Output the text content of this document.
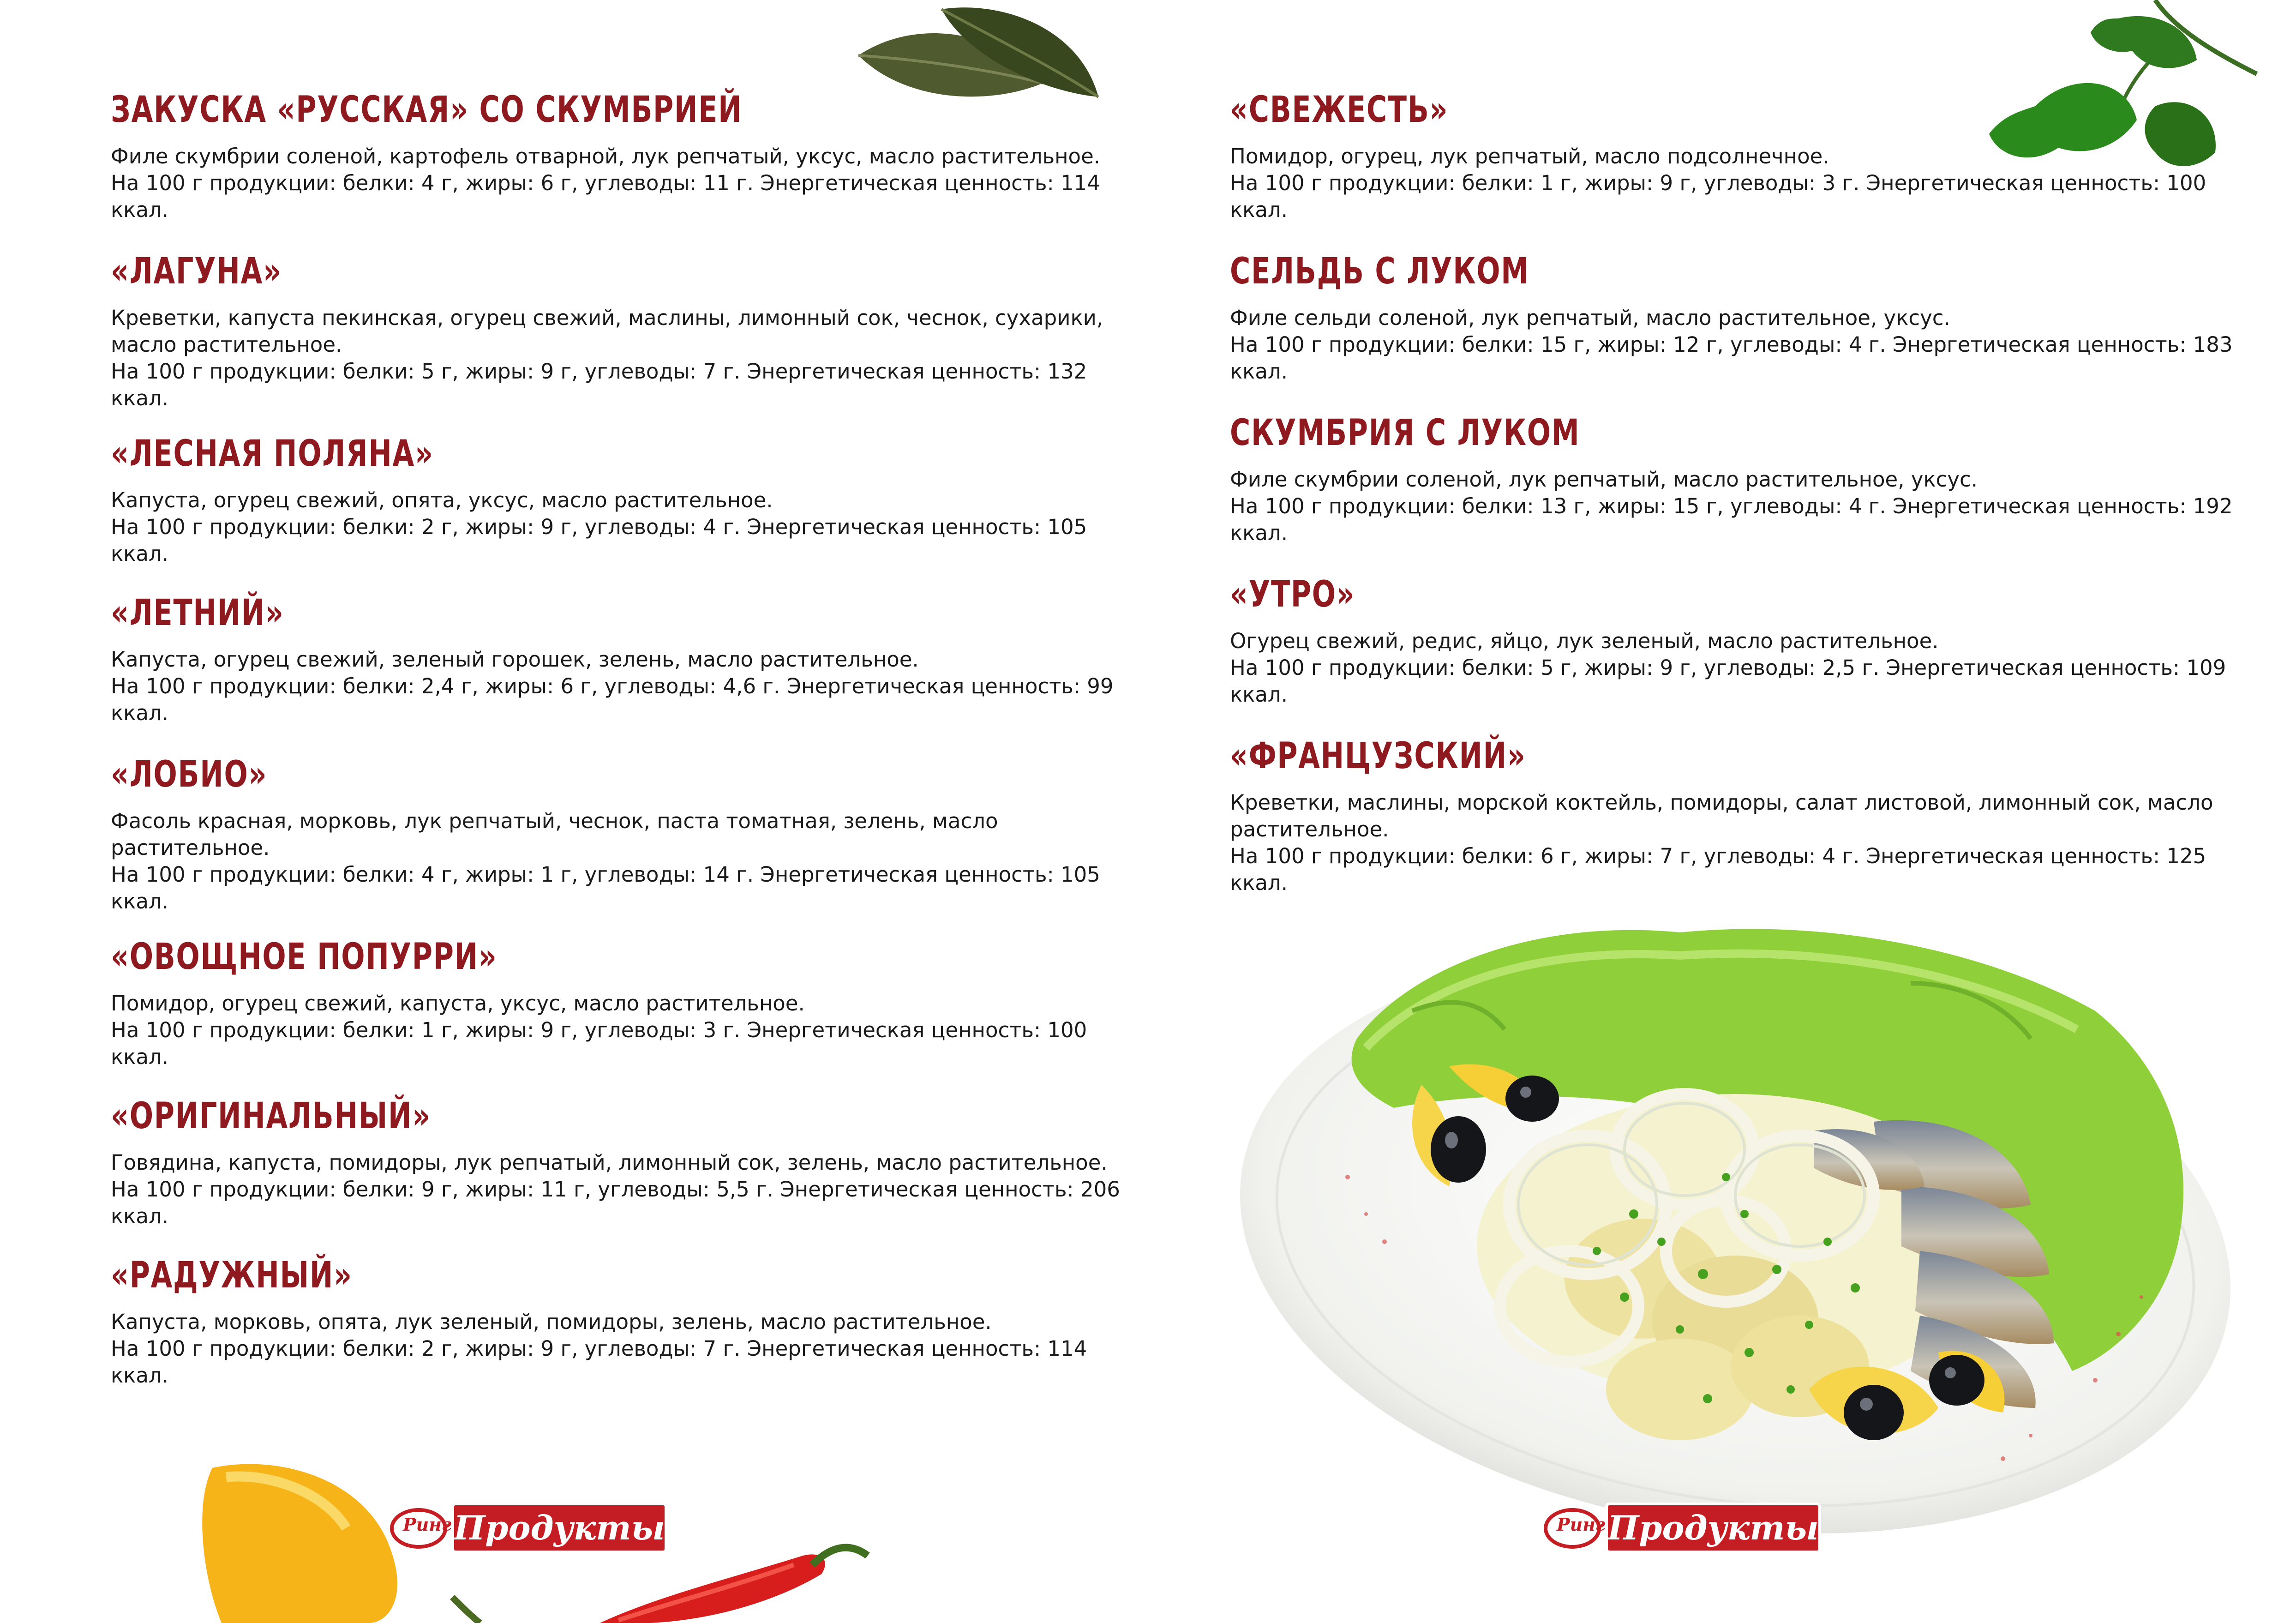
ЗАКУСКА «РУССКАЯ» СО СКУМБРИЕЙ
Филе скумбрии соленой, картофель отварной, лук репчатый, уксус, масло растительное.
На 100 г продукции: белки: 4 г, жиры: 6 г, углеводы: 11 г. Энергетическая ценность: 114 ккал.
«ЛАГУНА»
Креветки, капуста пекинская, огурец свежий, маслины, лимонный сок, чеснок, сухарики, масло растительное.
На 100 г продукции: белки: 5 г, жиры: 9 г, углеводы: 7 г. Энергетическая ценность: 132 ккал.
«ЛЕСНАЯ ПОЛЯНА»
Капуста, огурец свежий, опята, уксус, масло растительное.
На 100 г продукции: белки: 2 г, жиры: 9 г, углеводы: 4 г. Энергетическая ценность: 105 ккал.
«ЛЕТНИЙ»
Капуста, огурец свежий, зеленый горошек, зелень, масло растительное.
На 100 г продукции: белки: 2,4 г, жиры: 6 г, углеводы: 4,6 г. Энергетическая ценность: 99 ккал.
«ЛОБИО»
Фасоль красная, морковь, лук репчатый, чеснок, паста томатная, зелень, масло растительное.
На 100 г продукции: белки: 4 г, жиры: 1 г, углеводы: 14 г. Энергетическая ценность: 105 ккал.
«ОВОЩНОЕ ПОПУРРИ»
Помидор, огурец свежий, капуста, уксус, масло растительное.
На 100 г продукции: белки: 1 г, жиры: 9 г, углеводы: 3 г. Энергетическая ценность: 100 ккал.
«ОРИГИНАЛЬНЫЙ»
Говядина, капуста, помидоры, лук репчатый, лимонный сок, зелень, масло растительное.
На 100 г продукции: белки: 9 г, жиры: 11 г, углеводы: 5,5 г. Энергетическая ценность: 206 ккал.
«РАДУЖНЫЙ»
Капуста, морковь, опята, лук зеленый, помидоры, зелень, масло растительное.
На 100 г продукции: белки: 2 г, жиры: 9 г, углеводы: 7 г. Энергетическая ценность: 114 ккал.
«СВЕЖЕСТЬ»
Помидор, огурец, лук репчатый, масло подсолнечное.
На 100 г продукции: белки: 1 г, жиры: 9 г, углеводы: 3 г. Энергетическая ценность: 100 ккал.
СЕЛЬДЬ С ЛУКОМ
Филе сельди соленой, лук репчатый, масло растительное, уксус.
На 100 г продукции: белки: 15 г, жиры: 12 г, углеводы: 4 г. Энергетическая ценность: 183 ккал.
СКУМБРИЯ С ЛУКОМ
Филе скумбрии соленой, лук репчатый, масло растительное, уксус.
На 100 г продукции: белки: 13 г, жиры: 15 г, углеводы: 4 г. Энергетическая ценность: 192 ккал.
«УТРО»
Огурец свежий, редис, яйцо, лук зеленый, масло растительное.
На 100 г продукции: белки: 5 г, жиры: 9 г, углеводы: 2,5 г. Энергетическая ценность: 109 ккал.
«ФРАНЦУЗСКИЙ»
Креветки, маслины, морской коктейль, помидоры, салат листовой, лимонный сок, масло растительное.
На 100 г продукции: белки: 6 г, жиры: 7 г, углеводы: 4 г. Энергетическая ценность: 125 ккал.
Ринг Продукты	Ринг Продукты
